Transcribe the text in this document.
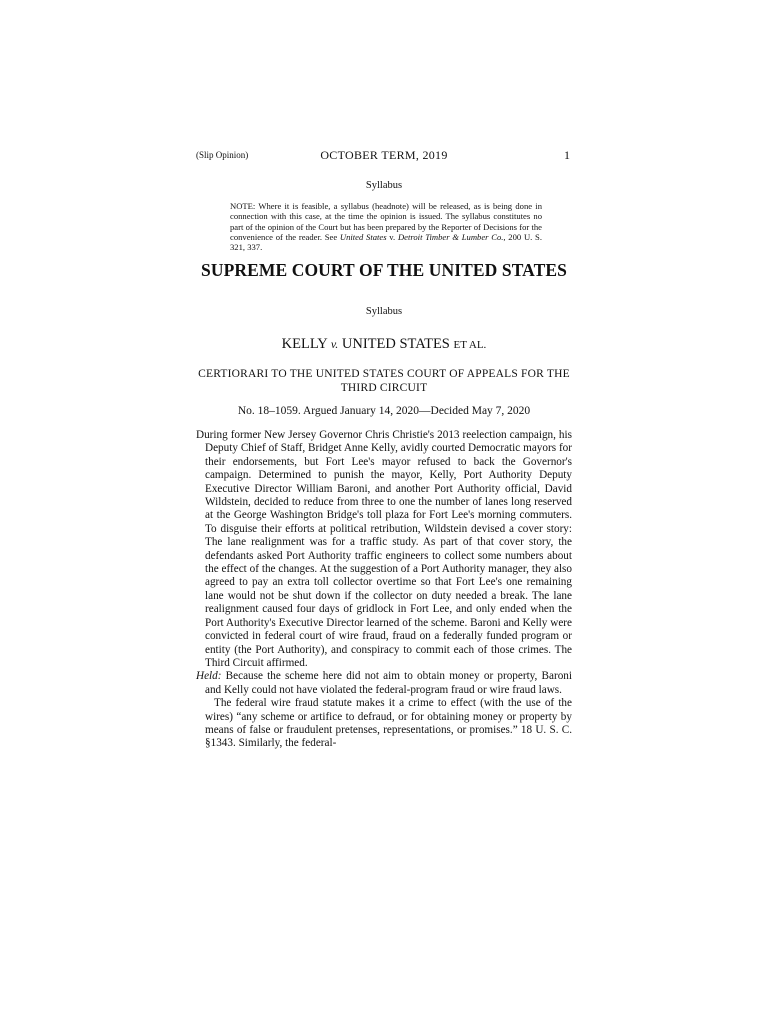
(Slip Opinion)	OCTOBER TERM, 2019	1
Syllabus
NOTE: Where it is feasible, a syllabus (headnote) will be released, as is being done in connection with this case, at the time the opinion is issued. The syllabus constitutes no part of the opinion of the Court but has been prepared by the Reporter of Decisions for the convenience of the reader. See United States v. Detroit Timber & Lumber Co., 200 U. S. 321, 337.
SUPREME COURT OF THE UNITED STATES
Syllabus
KELLY v. UNITED STATES ET AL.
CERTIORARI TO THE UNITED STATES COURT OF APPEALS FOR THE THIRD CIRCUIT
No. 18–1059. Argued January 14, 2020—Decided May 7, 2020

During former New Jersey Governor Chris Christie's 2013 reelection campaign, his Deputy Chief of Staff, Bridget Anne Kelly, avidly courted Democratic mayors for their endorsements, but Fort Lee's mayor refused to back the Governor's campaign. Determined to punish the mayor, Kelly, Port Authority Deputy Executive Director William Baroni, and another Port Authority official, David Wildstein, decided to reduce from three to one the number of lanes long reserved at the George Washington Bridge's toll plaza for Fort Lee's morning commuters. To disguise their efforts at political retribution, Wildstein devised a cover story: The lane realignment was for a traffic study. As part of that cover story, the defendants asked Port Authority traffic engineers to collect some numbers about the effect of the changes. At the suggestion of a Port Authority manager, they also agreed to pay an extra toll collector overtime so that Fort Lee's one remaining lane would not be shut down if the collector on duty needed a break. The lane realignment caused four days of gridlock in Fort Lee, and only ended when the Port Authority's Executive Director learned of the scheme. Baroni and Kelly were convicted in federal court of wire fraud, fraud on a federally funded program or entity (the Port Authority), and conspiracy to commit each of those crimes. The Third Circuit affirmed.

Held: Because the scheme here did not aim to obtain money or property, Baroni and Kelly could not have violated the federal-program fraud or wire fraud laws.

The federal wire fraud statute makes it a crime to effect (with the use of the wires) “any scheme or artifice to defraud, or for obtaining money or property by means of false or fraudulent pretenses, representations, or promises.” 18 U. S. C. §1343. Similarly, the federal-
